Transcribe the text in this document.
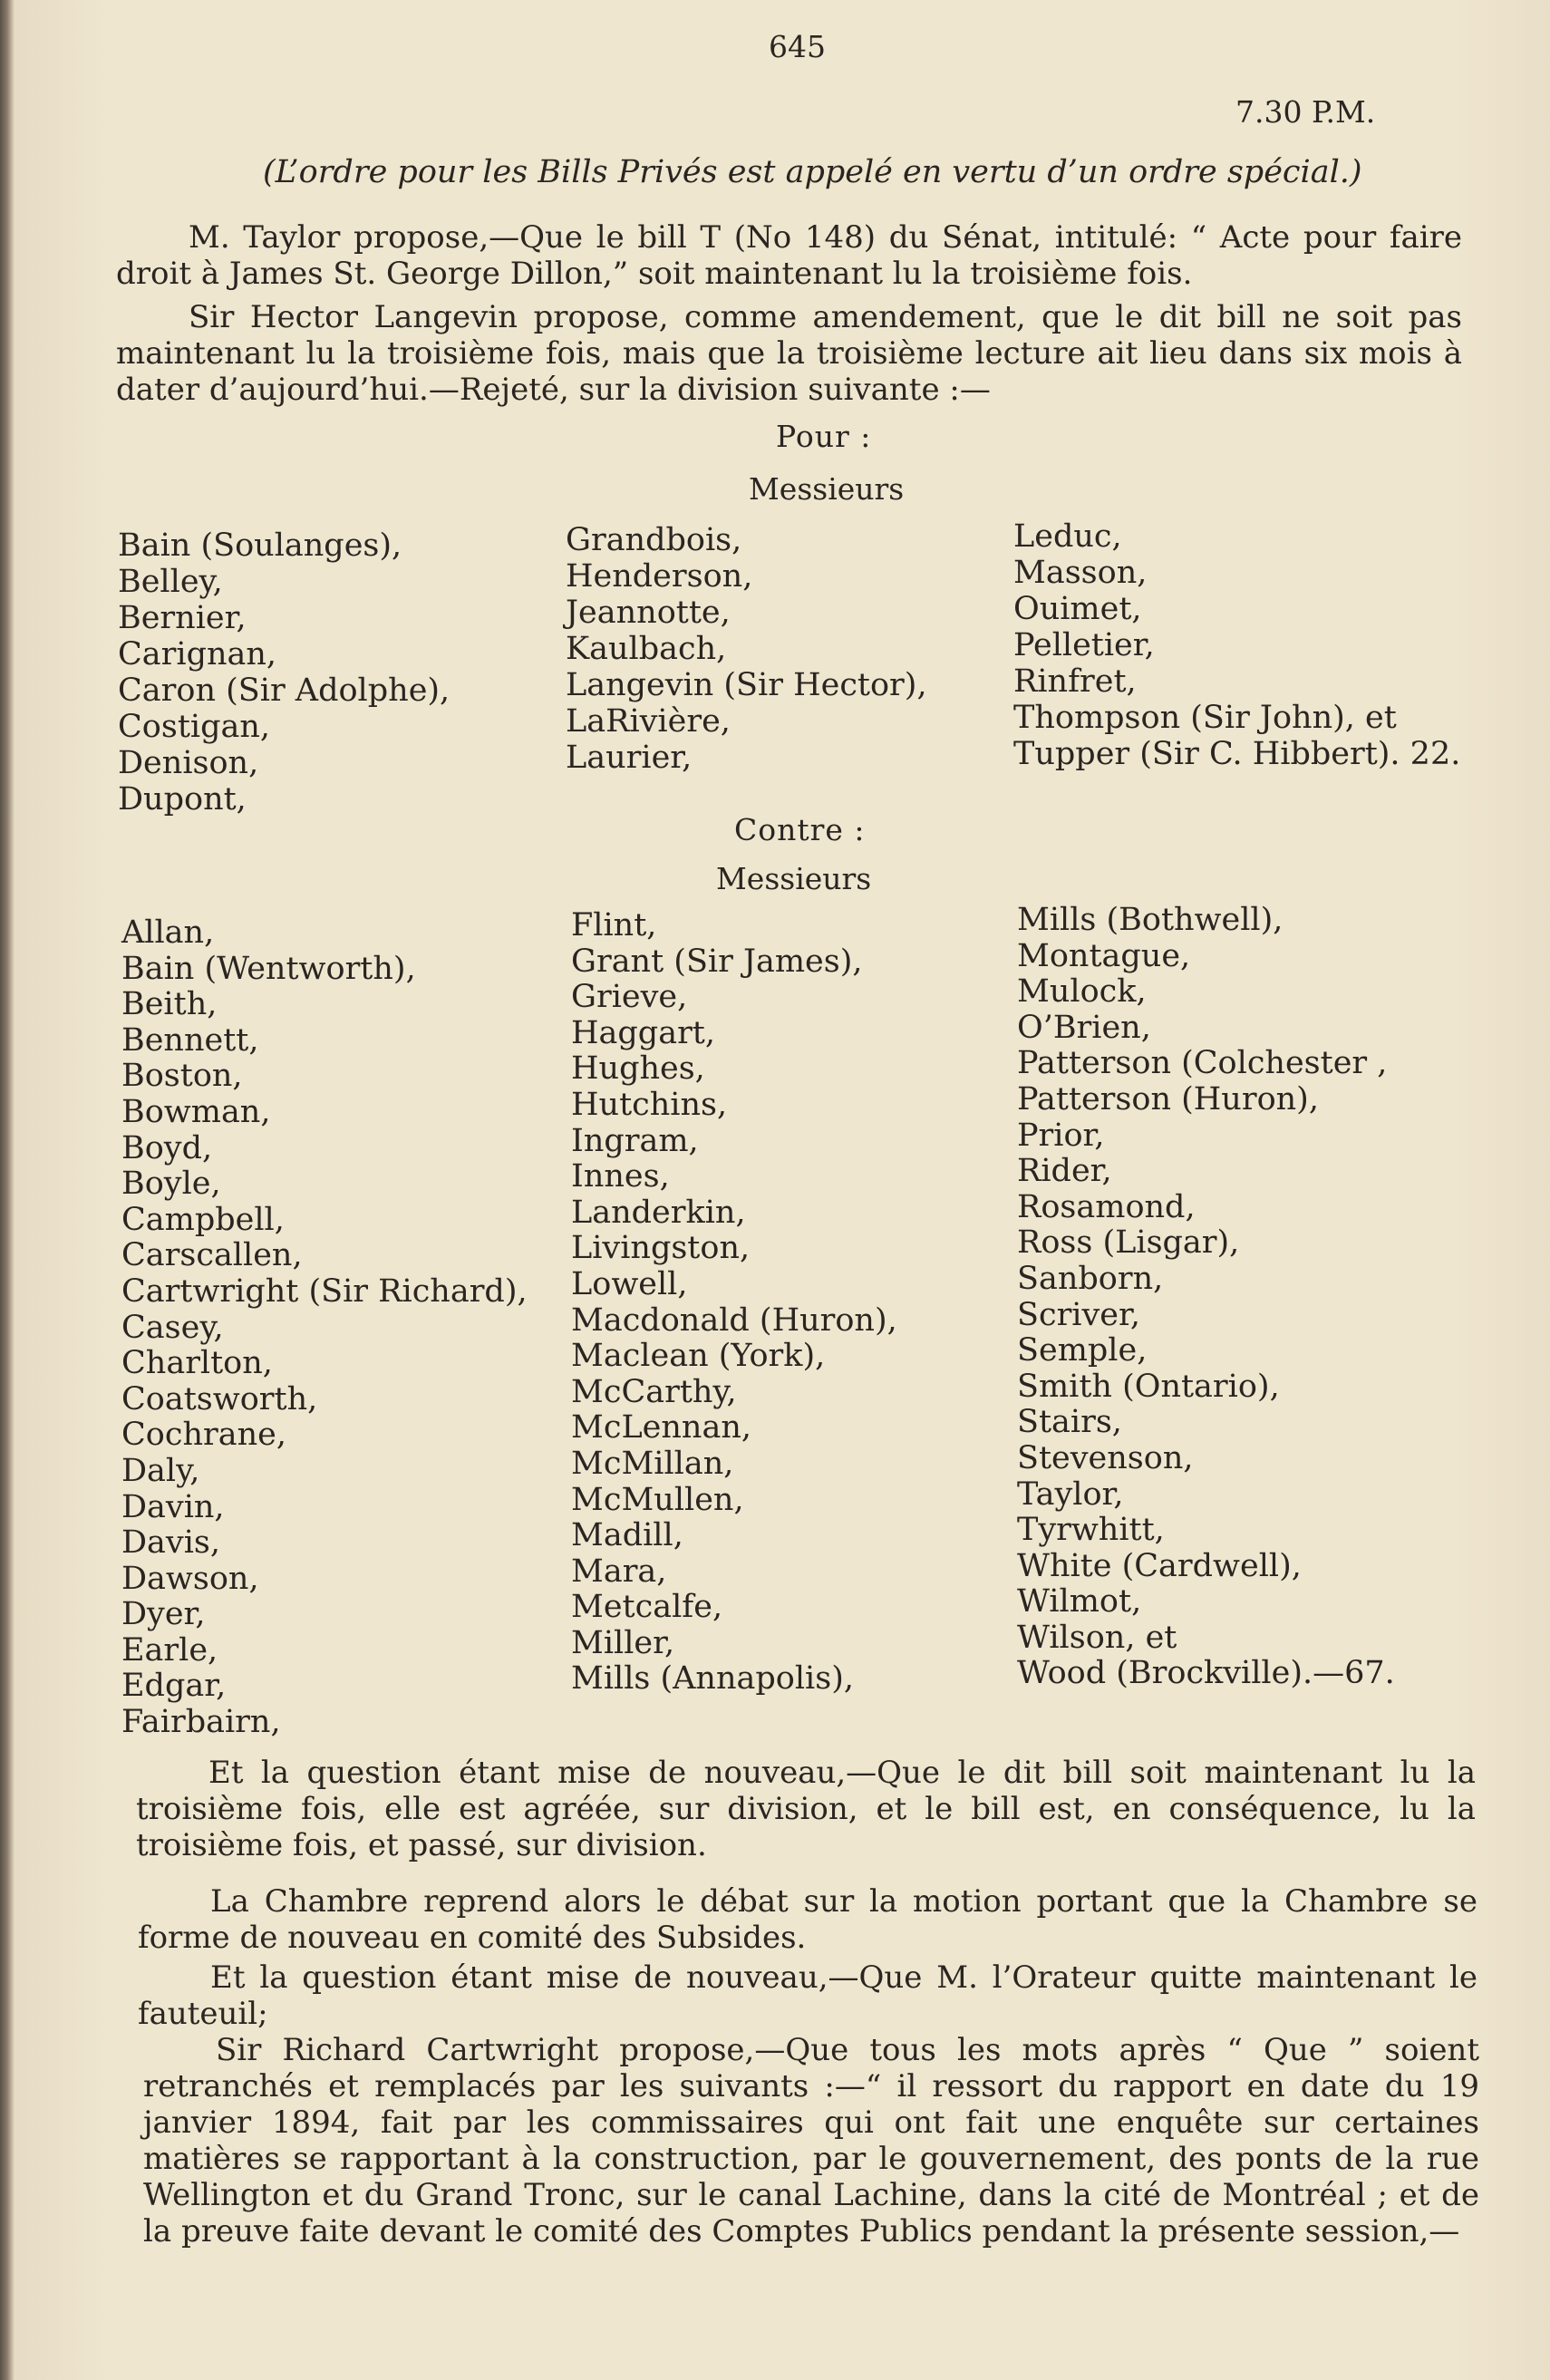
645
7.30 P.M.
(L’ordre pour les Bills Privés est appelé en vertu d’un ordre spécial.)
M. Taylor propose,—Que le bill T (No 148) du Sénat, intitulé: “ Acte pour faire droit à James St. George Dillon,” soit maintenant lu la troisième fois.
Sir Hector Langevin propose, comme amendement, que le dit bill ne soit pas maintenant lu la troisième fois, mais que la troisième lecture ait lieu dans six mois à dater d’aujourd’hui.—Rejeté, sur la division suivante :—
Pour :
Messieurs
Bain (Soulanges),
Belley,
Bernier,
Carignan,
Caron (Sir Adolphe),
Costigan,
Denison,
Dupont,
Grandbois,
Henderson,
Jeannotte,
Kaulbach,
Langevin (Sir Hector),
LaRivière,
Laurier,
Leduc,
Masson,
Ouimet,
Pelletier,
Rinfret,
Thompson (Sir John), et
Tupper (Sir C. Hibbert). 22.
Contre :
Messieurs
Allan,
Bain (Wentworth),
Beith,
Bennett,
Boston,
Bowman,
Boyd,
Boyle,
Campbell,
Carscallen,
Cartwright (Sir Richard),
Casey,
Charlton,
Coatsworth,
Cochrane,
Daly,
Davin,
Davis,
Dawson,
Dyer,
Earle,
Edgar,
Fairbairn,
Flint,
Grant (Sir James),
Grieve,
Haggart,
Hughes,
Hutchins,
Ingram,
Innes,
Landerkin,
Livingston,
Lowell,
Macdonald (Huron),
Maclean (York),
McCarthy,
McLennan,
McMillan,
McMullen,
Madill,
Mara,
Metcalfe,
Miller,
Mills (Annapolis),
Mills (Bothwell),
Montague,
Mulock,
O’Brien,
Patterson (Colchester ,
Patterson (Huron),
Prior,
Rider,
Rosamond,
Ross (Lisgar),
Sanborn,
Scriver,
Semple,
Smith (Ontario),
Stairs,
Stevenson,
Taylor,
Tyrwhitt,
White (Cardwell),
Wilmot,
Wilson, et
Wood (Brockville).—67.
Et la question étant mise de nouveau,—Que le dit bill soit maintenant lu la troisième fois, elle est agréée, sur division, et le bill est, en conséquence, lu la troisième fois, et passé, sur division.
La Chambre reprend alors le débat sur la motion portant que la Chambre se forme de nouveau en comité des Subsides.
Et la question étant mise de nouveau,—Que M. l’Orateur quitte maintenant le fauteuil;
Sir Richard Cartwright propose,—Que tous les mots après “ Que ” soient retranchés et remplacés par les suivants :—“ il ressort du rapport en date du 19 janvier 1894, fait par les commissaires qui ont fait une enquête sur certaines matières se rapportant à la construction, par le gouvernement, des ponts de la rue Wellington et du Grand Tronc, sur le canal Lachine, dans la cité de Montréal ; et de la preuve faite devant le comité des Comptes Publics pendant la présente session,—
